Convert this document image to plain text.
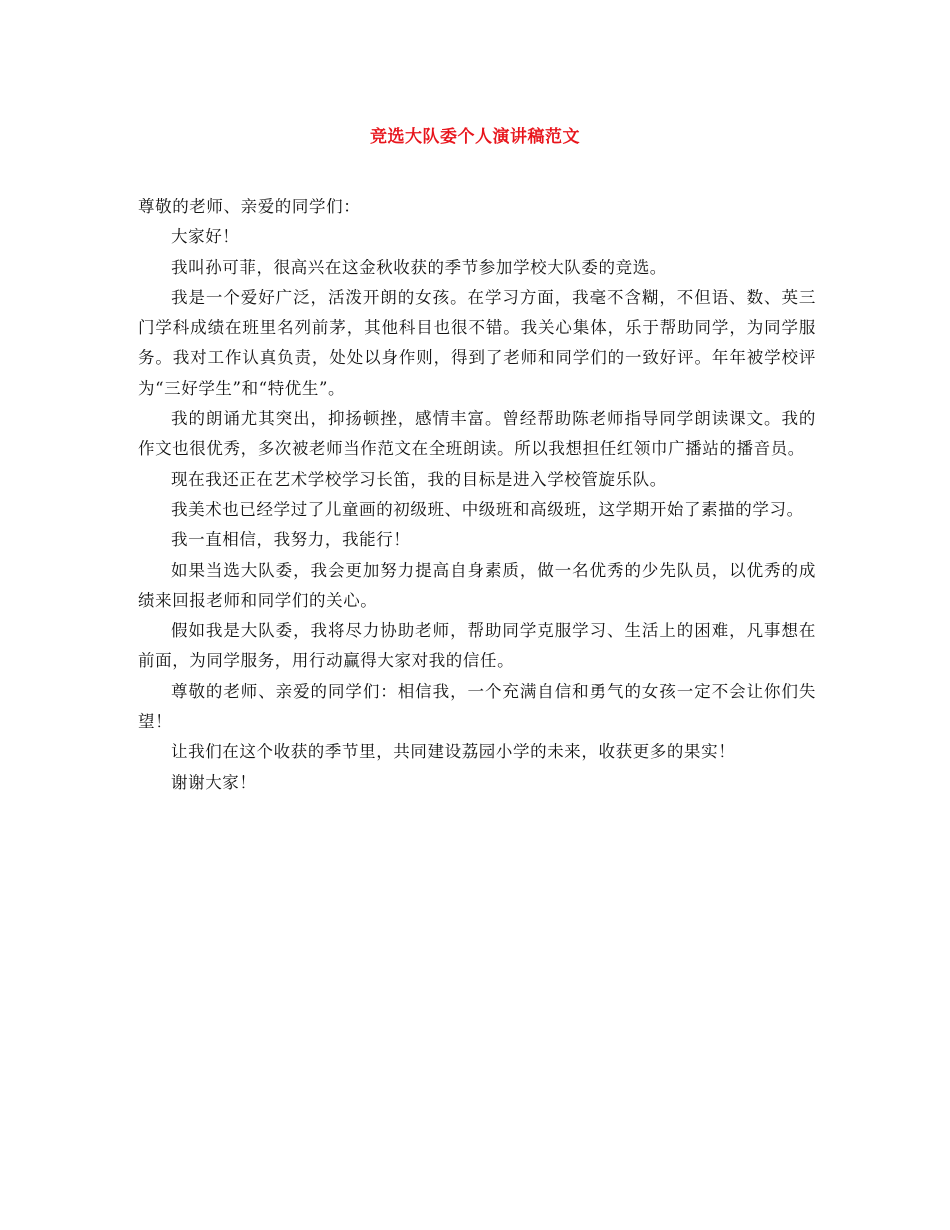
竞选大队委个人演讲稿范文

尊敬的老师、亲爱的同学们：

大家好！

我叫孙可菲，很高兴在这金秋收获的季节参加学校大队委的竞选。

我是一个爱好广泛，活泼开朗的女孩。在学习方面，我毫不含糊，不但语、数、英三门学科成绩在班里名列前茅，其他科目也很不错。我关心集体，乐于帮助同学，为同学服务。我对工作认真负责，处处以身作则，得到了老师和同学们的一致好评。年年被学校评为“三好学生”和“特优生”。

我的朗诵尤其突出，抑扬顿挫，感情丰富。曾经帮助陈老师指导同学朗读课文。我的作文也很优秀，多次被老师当作范文在全班朗读。所以我想担任红领巾广播站的播音员。

现在我还正在艺术学校学习长笛，我的目标是进入学校管旋乐队。

我美术也已经学过了儿童画的初级班、中级班和高级班，这学期开始了素描的学习。

我一直相信，我努力，我能行！

如果当选大队委，我会更加努力提高自身素质，做一名优秀的少先队员，以优秀的成绩来回报老师和同学们的关心。

假如我是大队委，我将尽力协助老师，帮助同学克服学习、生活上的困难，凡事想在前面，为同学服务，用行动赢得大家对我的信任。

尊敬的老师、亲爱的同学们：相信我，一个充满自信和勇气的女孩一定不会让你们失望！

让我们在这个收获的季节里，共同建设荔园小学的未来，收获更多的果实！

谢谢大家！
